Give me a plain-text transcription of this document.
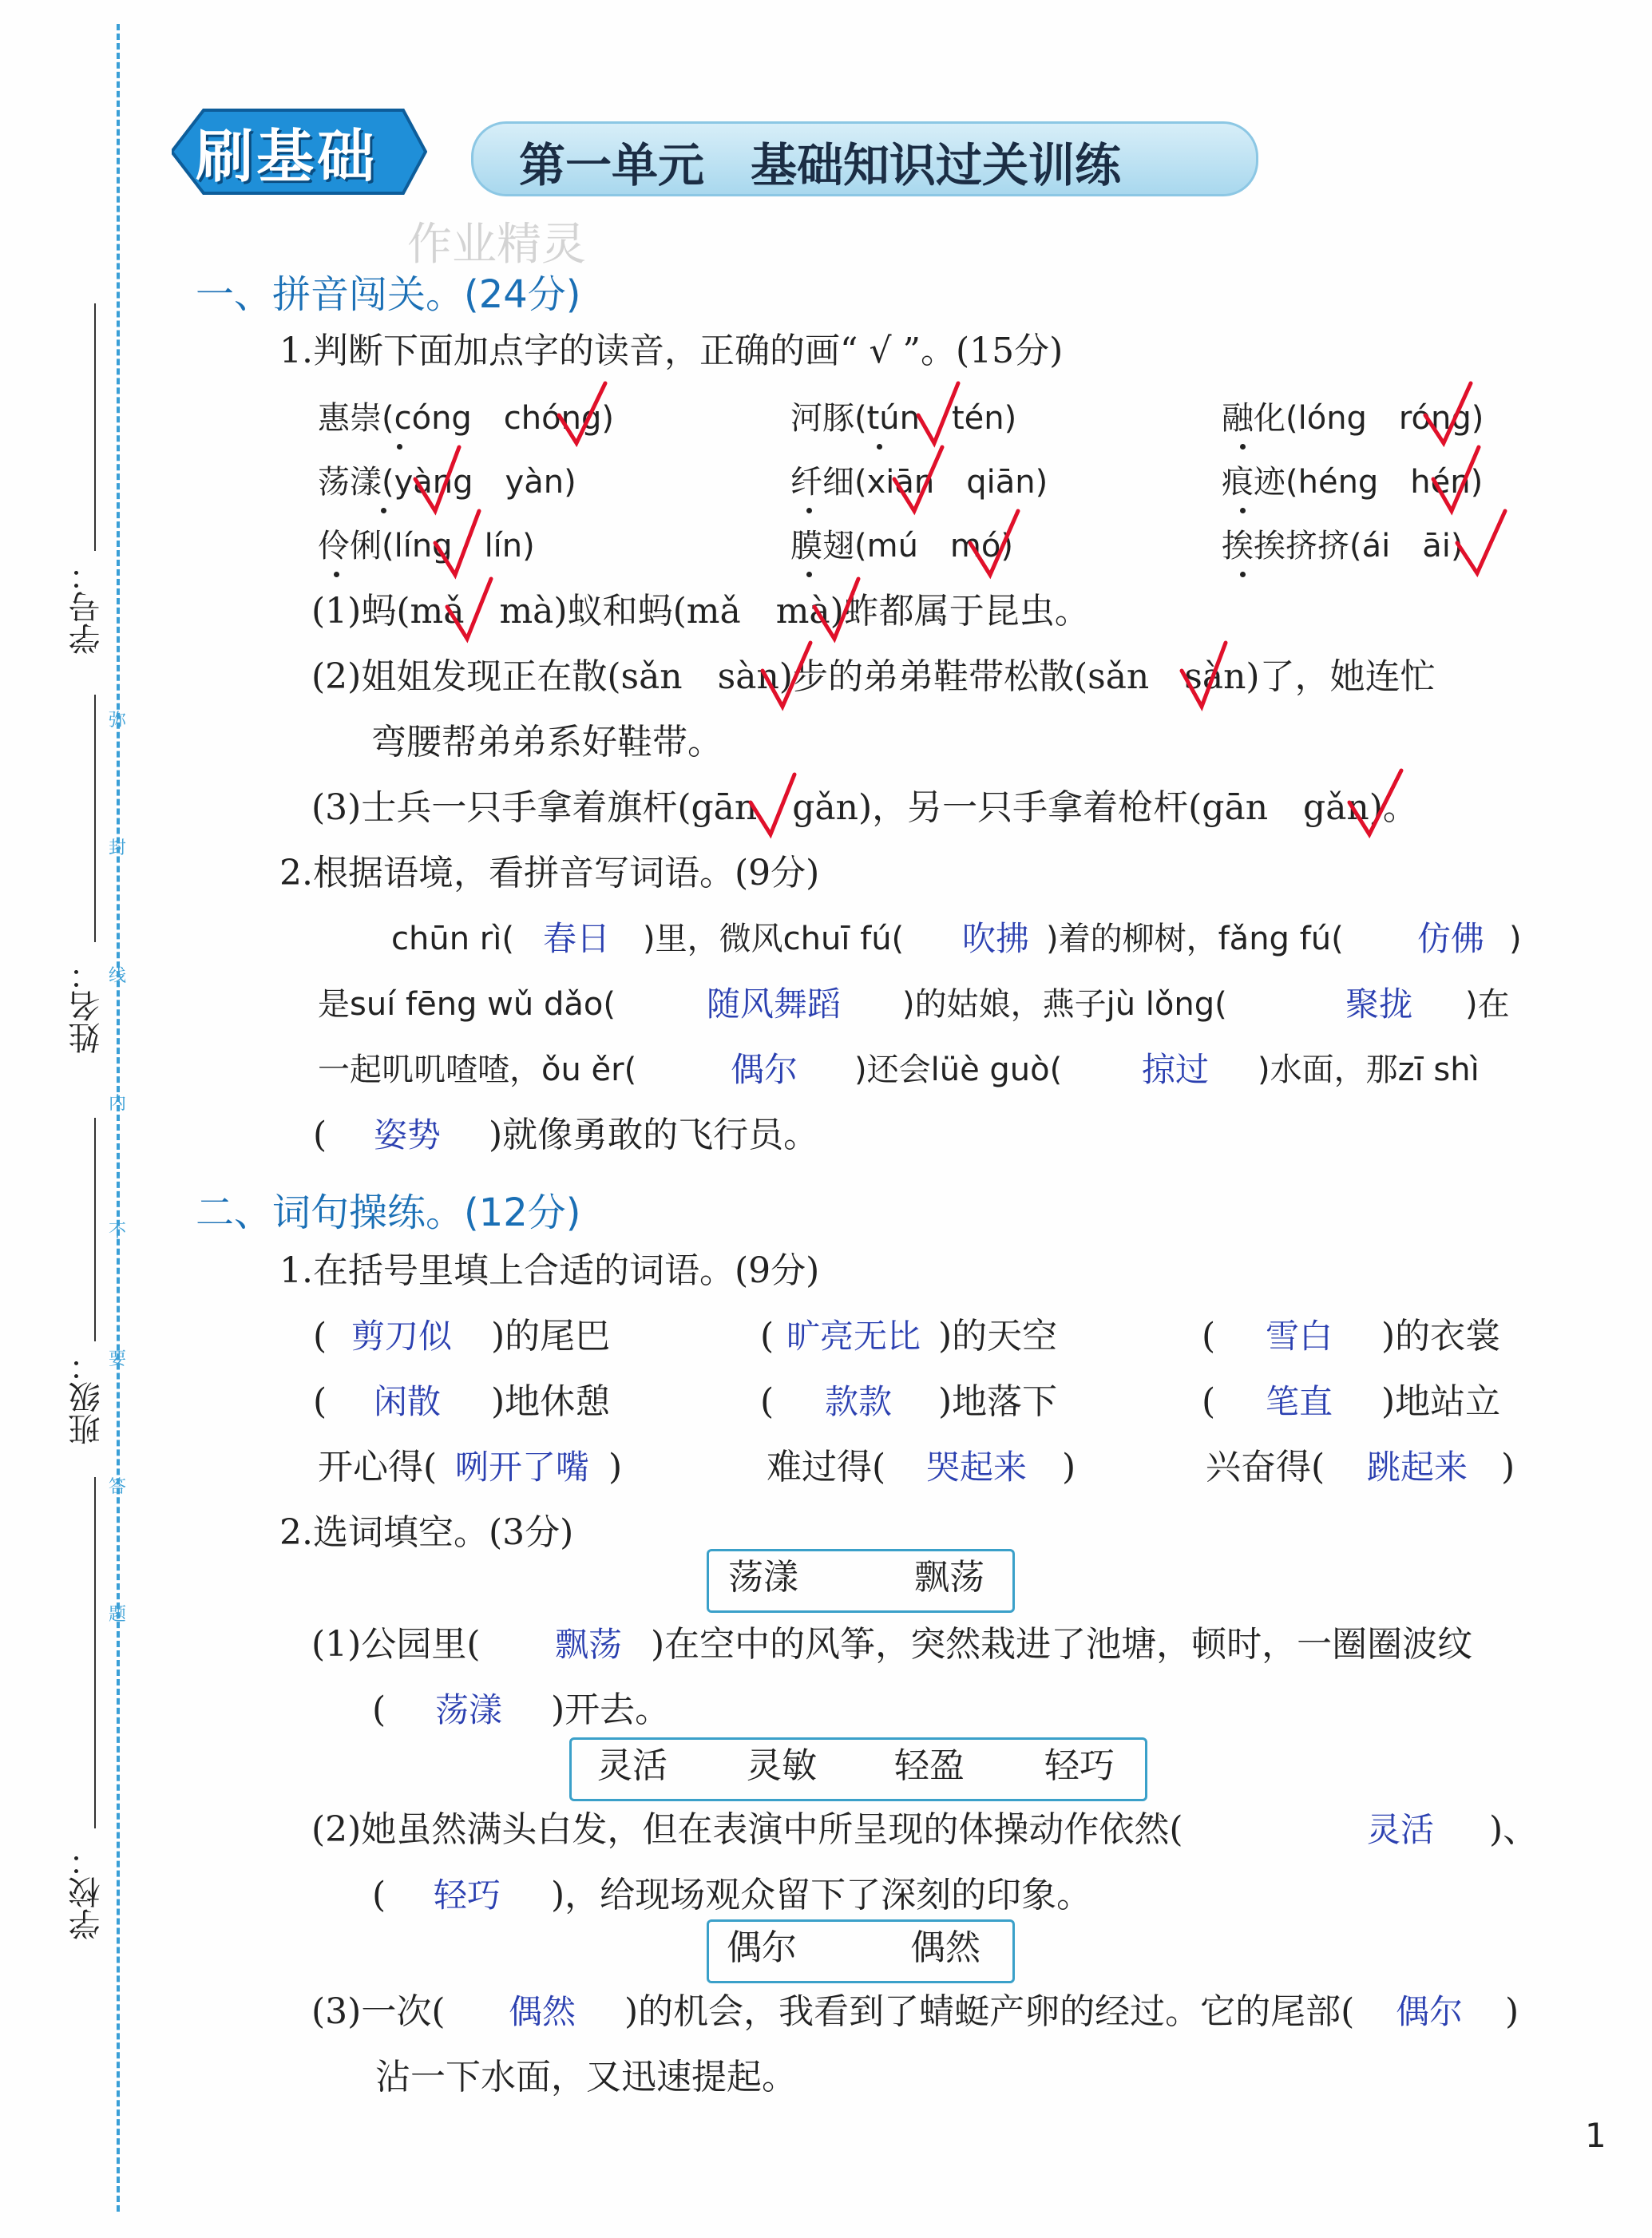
学号：
姓名：
班级：
学校：
弥
封
线
内
不
要
答
题
刷基础	第一单元　基础知识过关训练
作业精灵
一、拼音闯关。(24分)
1.判断下面加点字的读音，正确的画“ √ ”。(15分)
惠崇(cóng　chóng)	河豚(tún　tén)	融化(lóng　róng)
荡漾(yàng　yàn)	纤细(xiān　qiān)	痕迹(héng　hén)
伶俐(líng　lín)	膜翅(mú　mó)	挨挨挤挤(ái　āi)
(1)蚂(mǎ　mà)蚁和蚂(mǎ　mà)蚱都属于昆虫。
(2)姐姐发现正在散(sǎn　sàn)步的弟弟鞋带松散(sǎn　sàn)了，她连忙
弯腰帮弟弟系好鞋带。
(3)士兵一只手拿着旗杆(gān　gǎn)，另一只手拿着枪杆(gān　gǎn)。
2.根据语境，看拼音写词语。(9分)
chūn rì( 春日 )里，微风chuī fú( 吹拂 )着的柳树，fǎng fú( 仿佛 )
是suí fēng wǔ dǎo(	随风舞蹈 )的姑娘，燕子jù lǒng(	聚拢 )在
一起叽叽喳喳，ǒu ěr(	偶尔 )还会lüè guò( 掠过 )水面，那zī shì
( 姿势 )就像勇敢的飞行员。
二、词句操练。(12分)
1.在括号里填上合适的词语。(9分)
( 剪刀似 )的尾巴	( 旷亮无比 )的天空	( 雪白 )的衣裳
( 闲散 )地休憩	( 款款 )地落下	( 笔直 )地站立
开心得( 咧开了嘴 )	难过得( 哭起来 )	兴奋得( 跳起来 )
2.选词填空。(3分)
荡漾	飘荡
(1)公园里( 飘荡 )在空中的风筝，突然栽进了池塘，顿时，一圈圈波纹
( 荡漾 )开去。
灵活 灵敏 轻盈 轻巧
(2)她虽然满头白发，但在表演中所呈现的体操动作依然(	灵活 )、
( 轻巧 )，给现场观众留下了深刻的印象。
偶尔	偶然
(3)一次( 偶然 )的机会，我看到了蜻蜓产卵的经过。它的尾部( 偶尔 )
沾一下水面，又迅速提起。
1
